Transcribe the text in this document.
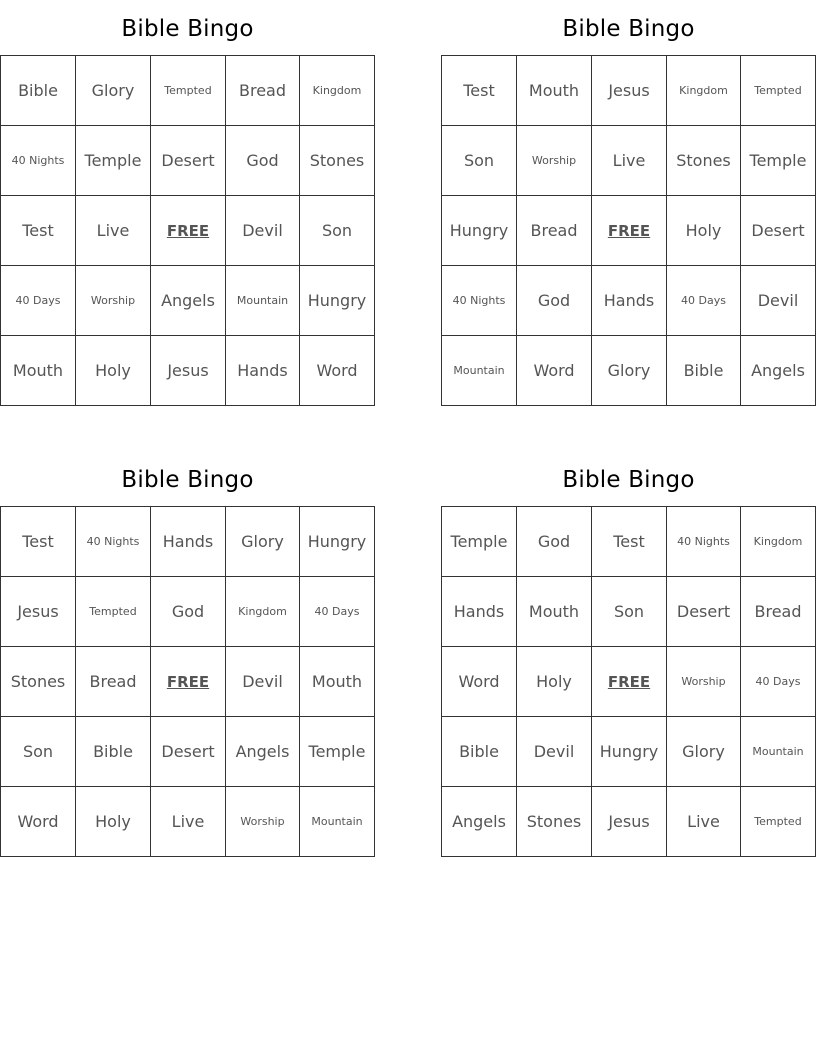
Bible Bingo
Bible	Glory	Tempted	Bread	Kingdom
40 Nights	Temple	Desert	God	Stones
Test	Live	FREE	Devil	Son
40 Days	Worship	Angels	Mountain	Hungry
Mouth	Holy	Jesus	Hands	Word
Bible Bingo
Test	Mouth	Jesus	Kingdom	Tempted
Son	Worship	Live	Stones	Temple
Hungry	Bread	FREE	Holy	Desert
40 Nights	God	Hands	40 Days	Devil
Mountain	Word	Glory	Bible	Angels
Bible Bingo
Test	40 Nights	Hands	Glory	Hungry
Jesus	Tempted	God	Kingdom	40 Days
Stones	Bread	FREE	Devil	Mouth
Son	Bible	Desert	Angels	Temple
Word	Holy	Live	Worship	Mountain
Bible Bingo
Temple	God	Test	40 Nights	Kingdom
Hands	Mouth	Son	Desert	Bread
Word	Holy	FREE	Worship	40 Days
Bible	Devil	Hungry	Glory	Mountain
Angels	Stones	Jesus	Live	Tempted
